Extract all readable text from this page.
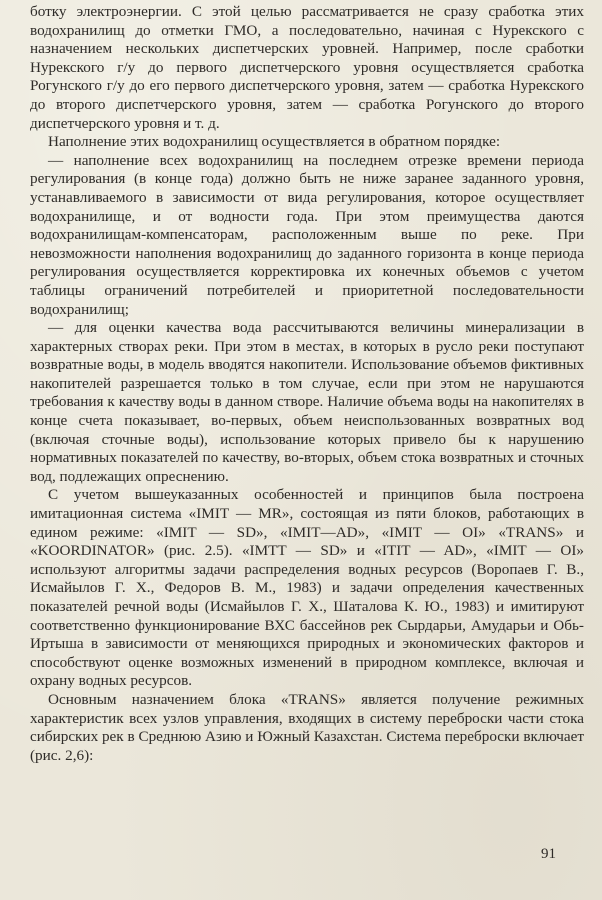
ботку электроэнергии. С этой целью рассматривается не сразу сработка этих водохранилищ до отметки ГМО, а последовательно, начиная с Нурекского с назначением нескольких диспетчерских уровней. Например, после сработки Нурекского г/у до первого диспетчерского уровня осуществляется сработка Рогунского г/у до его первого диспетчерского уровня, затем — сработка Нурекского до второго диспетчерского уровня, затем — сработка Рогунского до второго диспетчерского уровня и т. д.

Наполнение этих водохранилищ осуществляется в обратном порядке:

— наполнение всех водохранилищ на последнем отрезке времени периода регулирования (в конце года) должно быть не ниже заранее заданного уровня, устанавливаемого в зависимости от вида регулирования, которое осуществляет водохранилище, и от водности года. При этом преимущества даются водохранилищам-компенсаторам, расположенным выше по реке. При невозможности наполнения водохранилищ до заданного горизонта в конце периода регулирования осуществляется корректировка их конечных объемов с учетом таблицы ограничений потребителей и приоритетной последовательности водохранилищ;

— для оценки качества вода рассчитываются величины минерализации в характерных створах реки. При этом в местах, в которых в русло реки поступают возвратные воды, в модель вводятся накопители. Использование объемов фиктивных накопителей разрешается только в том случае, если при этом не нарушаются требования к качеству воды в данном створе. Наличие объема воды на накопителях в конце счета показывает, во-первых, объем неиспользованных возвратных вод (включая сточные воды), использование которых привело бы к нарушению нормативных показателей по качеству, во-вторых, объем стока возвратных и сточных вод, подлежащих опреснению.

С учетом вышеуказанных особенностей и принципов была построена имитационная система «IMIT — MR», состоящая из пяти блоков, работающих в едином режиме: «IMIT — SD», «IMIT—AD», «IMIT — OI» «TRANS» и «KOORDINATOR» (рис. 2.5). «IMTT — SD» и «ITIT — AD», «IMIT — OI» используют алгоритмы задачи распределения водных ресурсов (Воропаев Г. В., Исмайылов Г. Х., Федоров В. М., 1983) и задачи определения качественных показателей речной воды (Исмайылов Г. Х., Шаталова К. Ю., 1983) и имитируют соответственно функционирование ВХС бассейнов рек Сырдарьи, Амударьи и Обь-Иртыша в зависимости от меняющихся природных и экономических факторов и способствуют оценке возможных изменений в природном комплексе, включая и охрану водных ресурсов.

Основным назначением блока «TRANS» является получение режимных характеристик всех узлов управления, входящих в систему переброски части стока сибирских рек в Среднюю Азию и Южный Казахстан. Система переброски включает (рис. 2,6):

91
